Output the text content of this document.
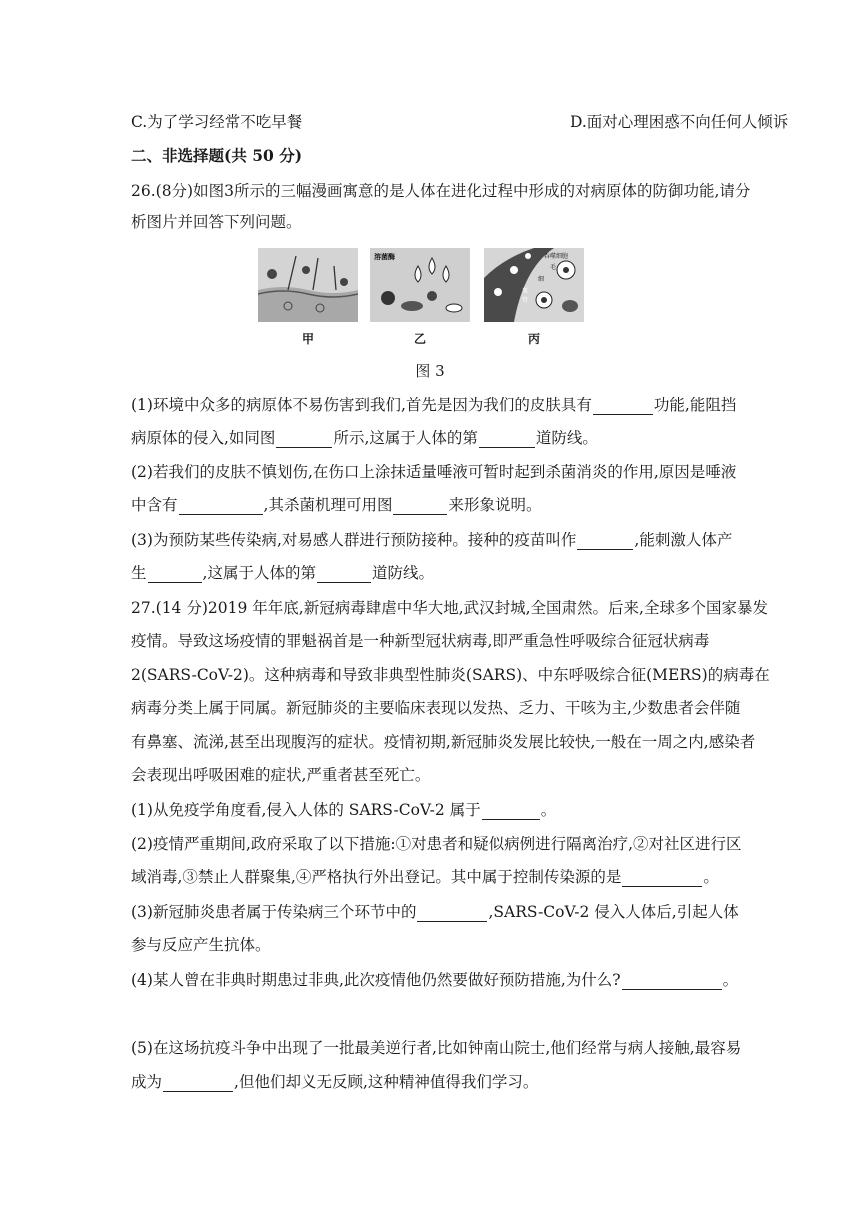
C.为了学习经常不吃早餐	D.面对心理困惑不向任何人倾诉
二、非选择题(共 50 分)
26.(8分)如图3所示的三幅漫画寓意的是人体在进化过程中形成的对病原体的防御功能,请分
析图片并回答下列问题。
溶菌酶	吞噬细胞
毛
细
血
管
甲	乙	丙
图 3
(1)环境中众多的病原体不易伤害到我们,首先是因为我们的皮肤具有	功能,能阻挡
病原体的侵入,如同图	所示,这属于人体的第	道防线。
(2)若我们的皮肤不慎划伤,在伤口上涂抹适量唾液可暂时起到杀菌消炎的作用,原因是唾液
中含有	,其杀菌机理可用图	来形象说明。
(3)为预防某些传染病,对易感人群进行预防接种。接种的疫苗叫作	,能刺激人体产
生	,这属于人体的第	道防线。
27.(14 分)2019 年年底,新冠病毒肆虐中华大地,武汉封城,全国肃然。后来,全球多个国家暴发
疫情。导致这场疫情的罪魁祸首是一种新型冠状病毒,即严重急性呼吸综合征冠状病毒
2(SARS-CoV-2)。这种病毒和导致非典型性肺炎(SARS)、中东呼吸综合征(MERS)的病毒在
病毒分类上属于同属。新冠肺炎的主要临床表现以发热、乏力、干咳为主,少数患者会伴随
有鼻塞、流涕,甚至出现腹泻的症状。疫情初期,新冠肺炎发展比较快,一般在一周之内,感染者
会表现出呼吸困难的症状,严重者甚至死亡。
(1)从免疫学角度看,侵入人体的 SARS-CoV-2 属于	。
(2)疫情严重期间,政府采取了以下措施:①对患者和疑似病例进行隔离治疗,②对社区进行区
域消毒,③禁止人群聚集,④严格执行外出登记。其中属于控制传染源的是	。
(3)新冠肺炎患者属于传染病三个环节中的	,SARS-CoV-2 侵入人体后,引起人体
参与反应产生抗体。
(4)某人曾在非典时期患过非典,此次疫情他仍然要做好预防措施,为什么?	。
(5)在这场抗疫斗争中出现了一批最美逆行者,比如钟南山院士,他们经常与病人接触,最容易
成为	,但他们却义无反顾,这种精神值得我们学习。
